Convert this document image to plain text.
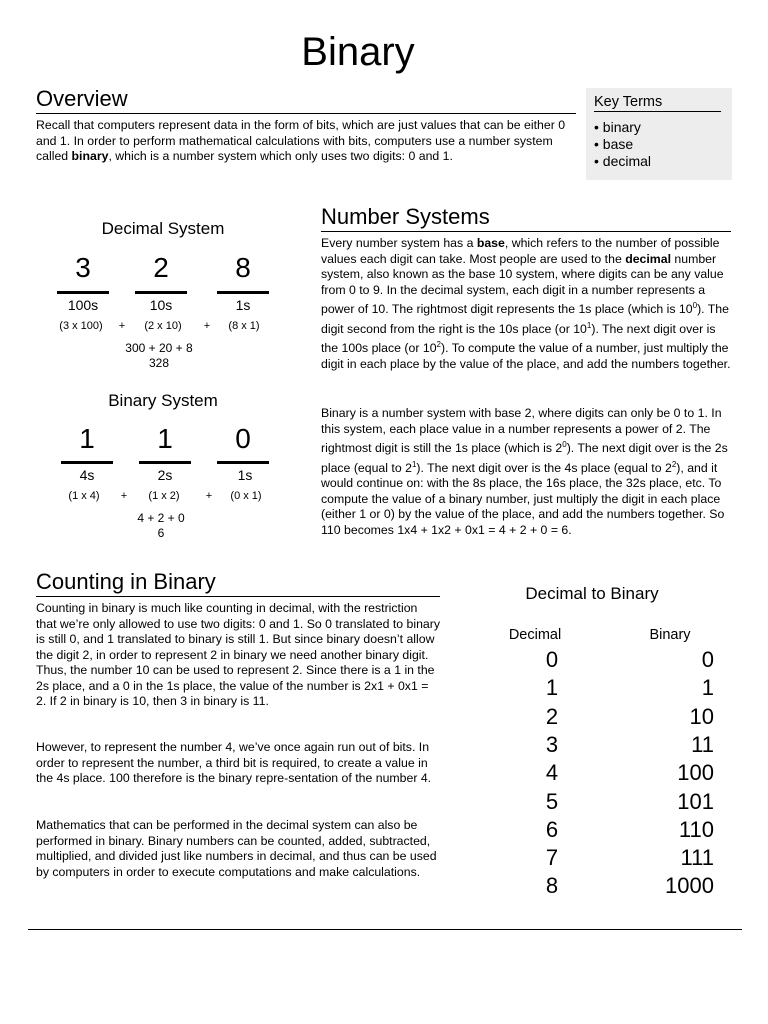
Binary
Overview
Recall that computers represent data in the form of bits, which are just values that can be either 0 and 1. In order to perform mathematical calculations with bits, computers use a number system called binary, which is a number system which only uses two digits: 0 and 1.
Key Terms
• binary
• base
• decimal
Decimal System
3	2	8
100s	10s	1s
(3 x 100)	+	(2 x 10)	+	(8 x 1)
300 + 20 + 8
328
Binary System
1	1	0
4s	2s	1s
(1 x 4)	+	(1 x 2)	+	(0 x 1)
4 + 2 + 0
6
Number Systems
Every number system has a base, which refers to the number of possible values each digit can take. Most people are used to the decimal number system, also known as the base 10 system, where digits can be any value from 0 to 9. In the decimal system, each digit in a number represents a power of 10. The rightmost digit represents the 1s place (which is $10^0$). The digit second from the right is the 10s place (or $10^1$). The next digit over is the 100s place (or $10^2$). To compute the value of a number, just multiply the digit in each place by the value of the place, and add the numbers together.
Binary is a number system with base 2, where digits can only be 0 to 1. In this system, each place value in a number represents a power of 2. The rightmost digit is still the 1s place (which is $2^0$). The next digit over is the 2s place (equal to $2^1$). The next digit over is the 4s place (equal to $2^2$), and it would continue on: with the 8s place, the 16s place, the 32s place, etc. To compute the value of a binary number, just multiply the digit in each place (either 1 or 0) by the value of the place, and add the numbers together. So 110 becomes 1x4 + 1x2 + 0x1 = 4 + 2 + 0 = 6.
Counting in Binary
Counting in binary is much like counting in decimal, with the restriction that we’re only allowed to use two digits: 0 and 1. So 0 translated to binary is still 0, and 1 translated to binary is still 1. But since binary doesn’t allow the digit 2, in order to represent 2 in binary we need another binary digit. Thus, the number 10 can be used to represent 2. Since there is a 1 in the 2s place, and a 0 in the 1s place, the value of the number is 2x1 + 0x1 = 2. If 2 in binary is 10, then 3 in binary is 11.
However, to represent the number 4, we’ve once again run out of bits. In order to represent the number, a third bit is required, to create a value in the 4s place. 100 therefore is the binary repre-sentation of the number 4.
Mathematics that can be performed in the decimal system can also be performed in binary. Binary numbers can be counted, added, subtracted, multiplied, and divided just like numbers in decimal, and thus can be used by computers in order to execute computations and make calculations.
Decimal to Binary
Decimal	Binary
0	0
1	1
2	10
3	11
4	100
5	101
6	110
7	111
8	1000
